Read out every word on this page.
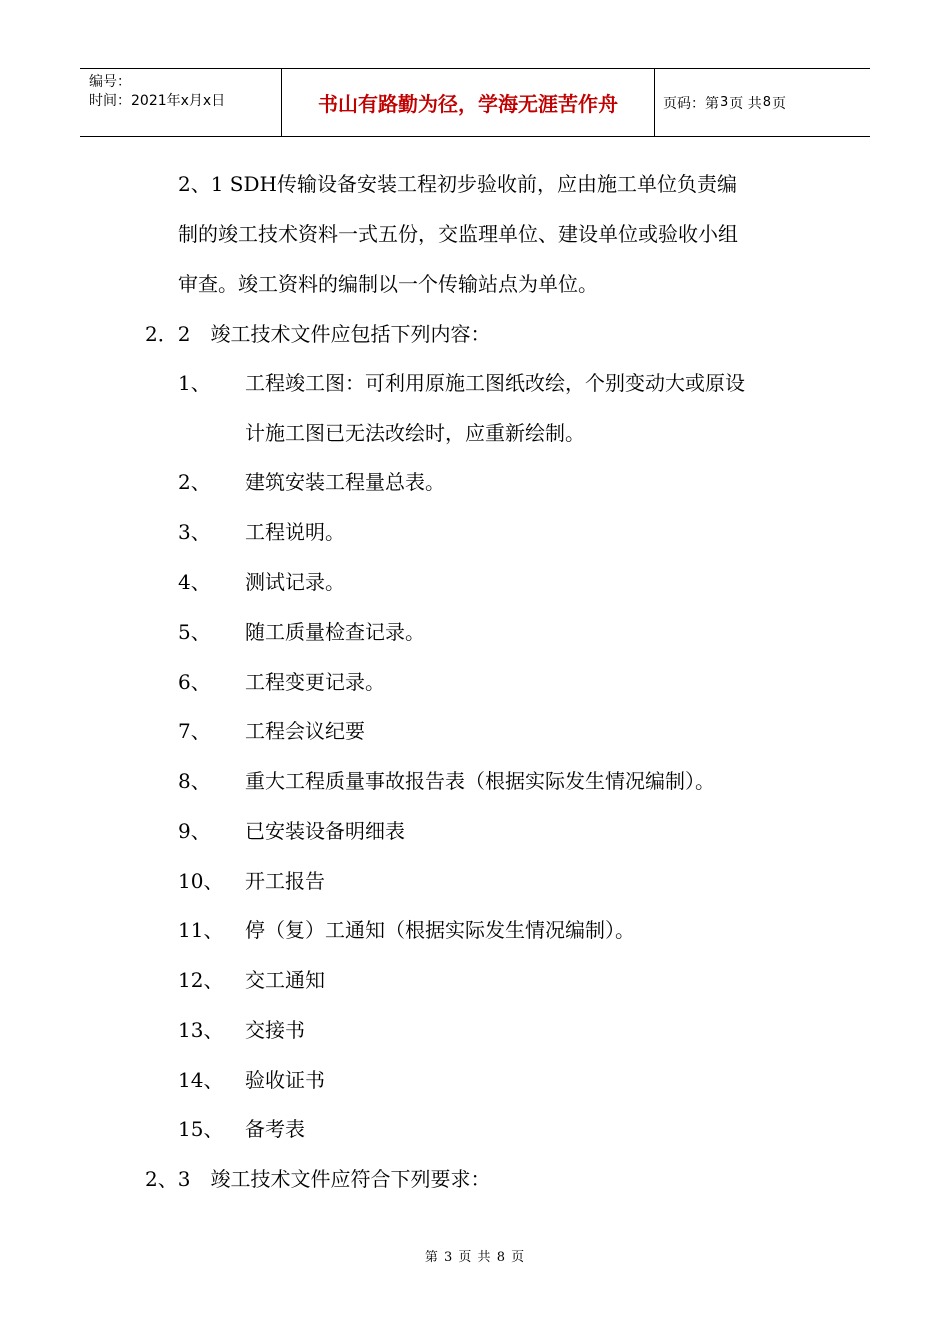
编号：
时间：2021年x月x日	书山有路勤为径，学海无涯苦作舟	页码：第 3 页 共 8 页
2、1 SDH传输设备安装工程初步验收前，应由施工单位负责编
制的竣工技术资料一式五份，交监理单位、建设单位或验收小组
审查。竣工资料的编制以一个传输站点为单位。
2．2　竣工技术文件应包括下列内容：
1、 工程竣工图：可利用原施工图纸改绘，个别变动大或原设
计施工图已无法改绘时，应重新绘制。
2、 建筑安装工程量总表。
3、 工程说明。
4、 测试记录。
5、 随工质量检查记录。
6、 工程变更记录。
7、 工程会议纪要
8、 重大工程质量事故报告表（根据实际发生情况编制）。
9、 已安装设备明细表
10、 开工报告
11、 停（复）工通知（根据实际发生情况编制）。
12、 交工通知
13、 交接书
14、 验收证书
15、 备考表
2、3　竣工技术文件应符合下列要求：
第 3 页 共 8 页
